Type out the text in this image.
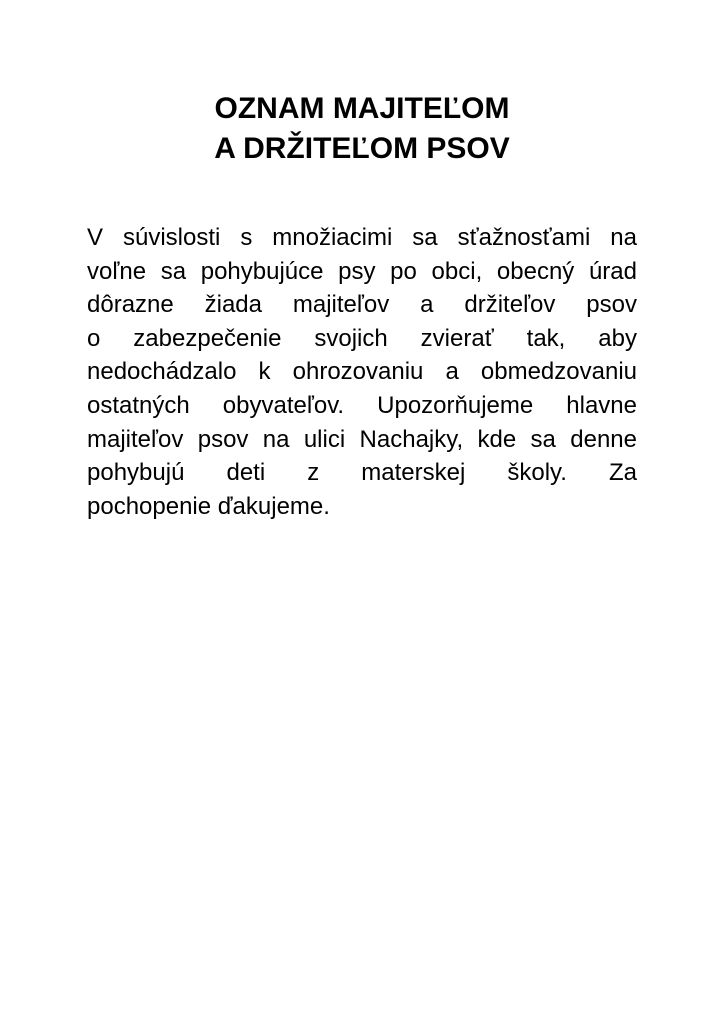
OZNAM MAJITEĽOM
A DRŽITEĽOM PSOV
V súvislosti s množiacimi sa sťažnosťami na
voľne sa pohybujúce psy po obci, obecný úrad
dôrazne žiada majiteľov a držiteľov psov
o zabezpečenie svojich zvierať tak, aby
nedochádzalo k ohrozovaniu a obmedzovaniu
ostatných obyvateľov. Upozorňujeme hlavne
majiteľov psov na ulici Nachajky, kde sa denne
pohybujú deti z materskej školy. Za
pochopenie ďakujeme.
